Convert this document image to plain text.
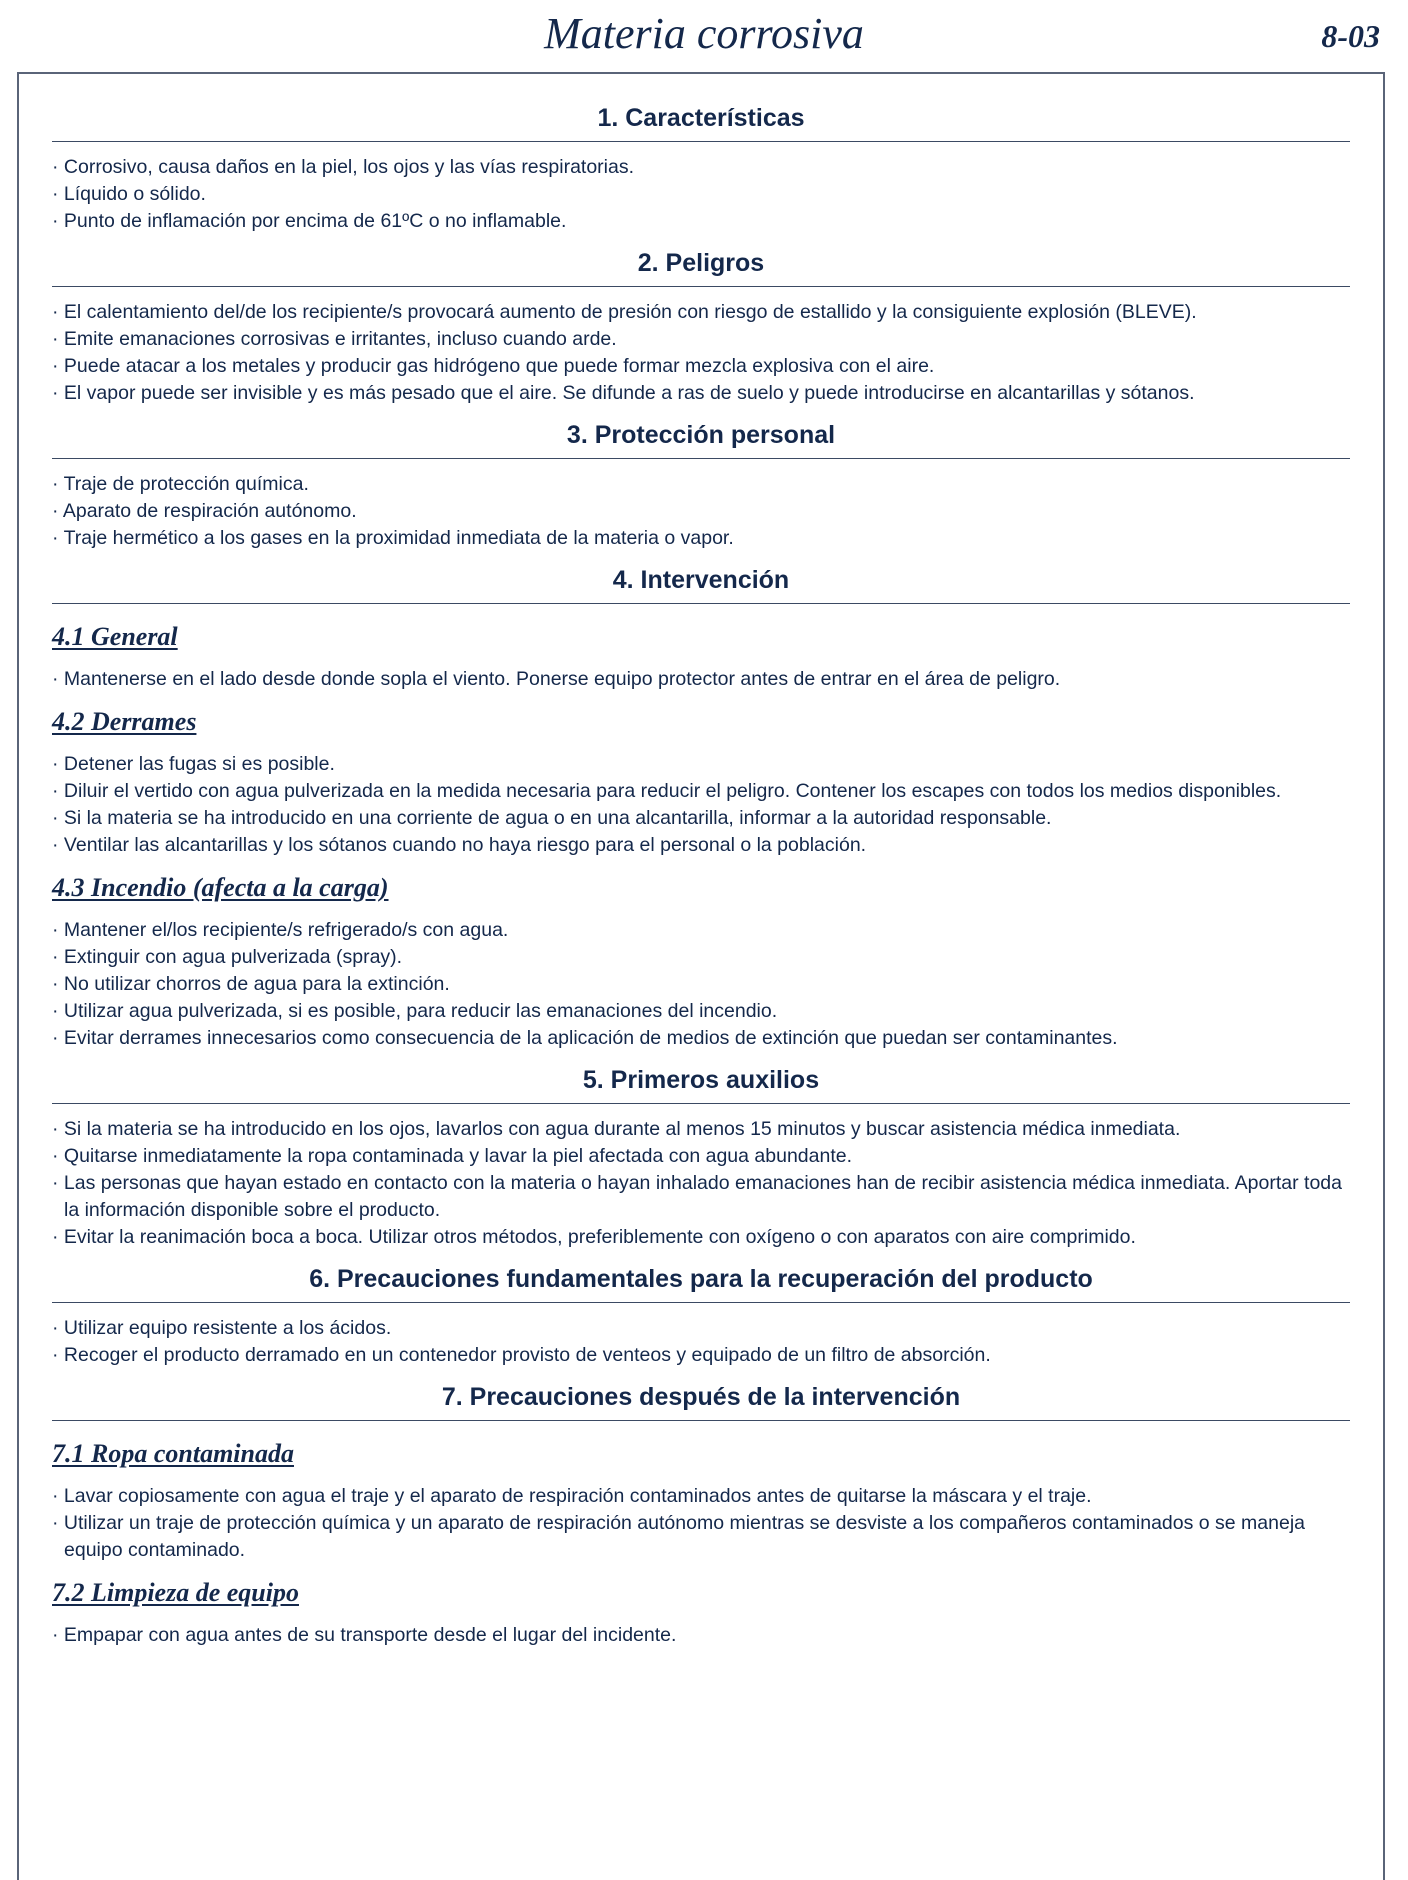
Materia corrosiva	8-03
1. Características
· Corrosivo, causa daños en la piel, los ojos y las vías respiratorias.
· Líquido o sólido.
· Punto de inflamación por encima de 61ºC o no inflamable.
2. Peligros
· El calentamiento del/de los recipiente/s provocará aumento de presión con riesgo de estallido y la consiguiente explosión (BLEVE).
· Emite emanaciones corrosivas e irritantes, incluso cuando arde.
· Puede atacar a los metales y producir gas hidrógeno que puede formar mezcla explosiva con el aire.
· El vapor puede ser invisible y es más pesado que el aire. Se difunde a ras de suelo y puede introducirse en alcantarillas y sótanos.
3. Protección personal
· Traje de protección química.
· Aparato de respiración autónomo.
· Traje hermético a los gases en la proximidad inmediata de la materia o vapor.
4. Intervención
4.1 General
· Mantenerse en el lado desde donde sopla el viento. Ponerse equipo protector antes de entrar en el área de peligro.
4.2 Derrames
· Detener las fugas si es posible.
· Diluir el vertido con agua pulverizada en la medida necesaria para reducir el peligro. Contener los escapes con todos los medios disponibles.
· Si la materia se ha introducido en una corriente de agua o en una alcantarilla, informar a la autoridad responsable.
· Ventilar las alcantarillas y los sótanos cuando no haya riesgo para el personal o la población.
4.3 Incendio (afecta a la carga)
· Mantener el/los recipiente/s refrigerado/s con agua.
· Extinguir con agua pulverizada (spray).
· No utilizar chorros de agua para la extinción.
· Utilizar agua pulverizada, si es posible, para reducir las emanaciones del incendio.
· Evitar derrames innecesarios como consecuencia de la aplicación de medios de extinción que puedan ser contaminantes.
5. Primeros auxilios
· Si la materia se ha introducido en los ojos, lavarlos con agua durante al menos 15 minutos y buscar asistencia médica inmediata.
· Quitarse inmediatamente la ropa contaminada y lavar la piel afectada con agua abundante.
· Las personas que hayan estado en contacto con la materia o hayan inhalado emanaciones han de recibir asistencia médica inmediata. Aportar toda la información disponible sobre el producto.
· Evitar la reanimación boca a boca. Utilizar otros métodos, preferiblemente con oxígeno o con aparatos con aire comprimido.
6. Precauciones fundamentales para la recuperación del producto
· Utilizar equipo resistente a los ácidos.
· Recoger el producto derramado en un contenedor provisto de venteos y equipado de un filtro de absorción.
7. Precauciones después de la intervención
7.1 Ropa contaminada
· Lavar copiosamente con agua el traje y el aparato de respiración contaminados antes de quitarse la máscara y el traje.
· Utilizar un traje de protección química y un aparato de respiración autónomo mientras se desviste a los compañeros contaminados o se maneja equipo contaminado.
7.2 Limpieza de equipo
· Empapar con agua antes de su transporte desde el lugar del incidente.
